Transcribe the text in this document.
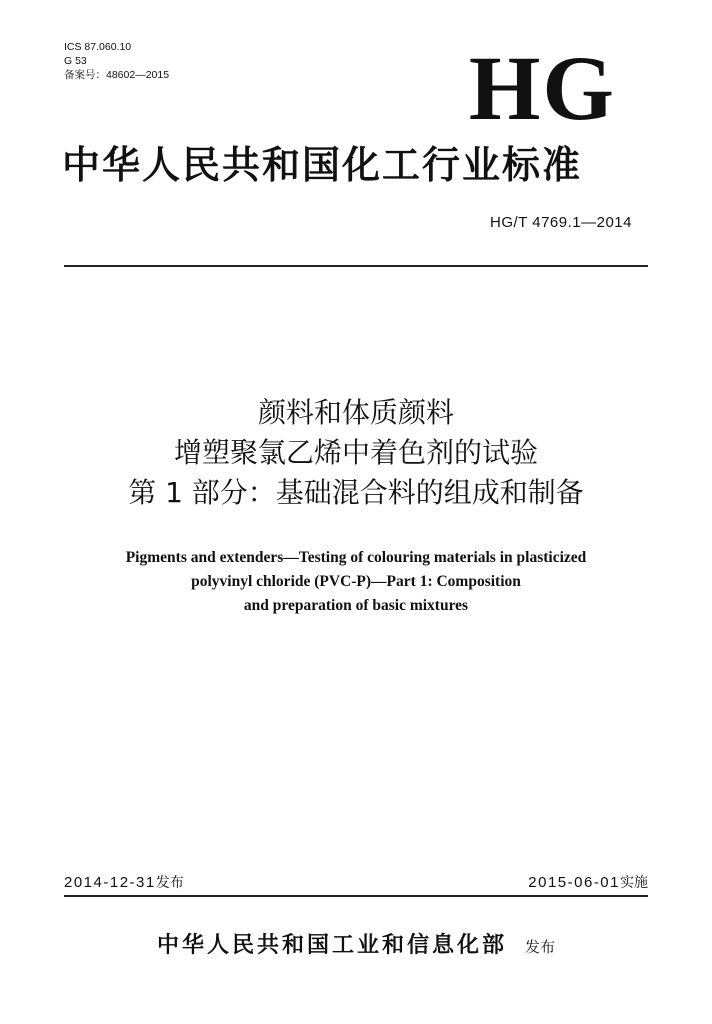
ICS 87.060.10
G 53
备案号：48602—2015	HG
中华人民共和国化工行业标准
HG/T 4769.1—2014
颜料和体质颜料
增塑聚氯乙烯中着色剂的试验
第 1 部分：基础混合料的组成和制备
Pigments and extenders—Testing of colouring materials in plasticized
polyvinyl chloride (PVC-P)—Part 1: Composition
and preparation of basic mixtures
2014-12-31发布	2015-06-01实施
中华人民共和国工业和信息化部 发布
